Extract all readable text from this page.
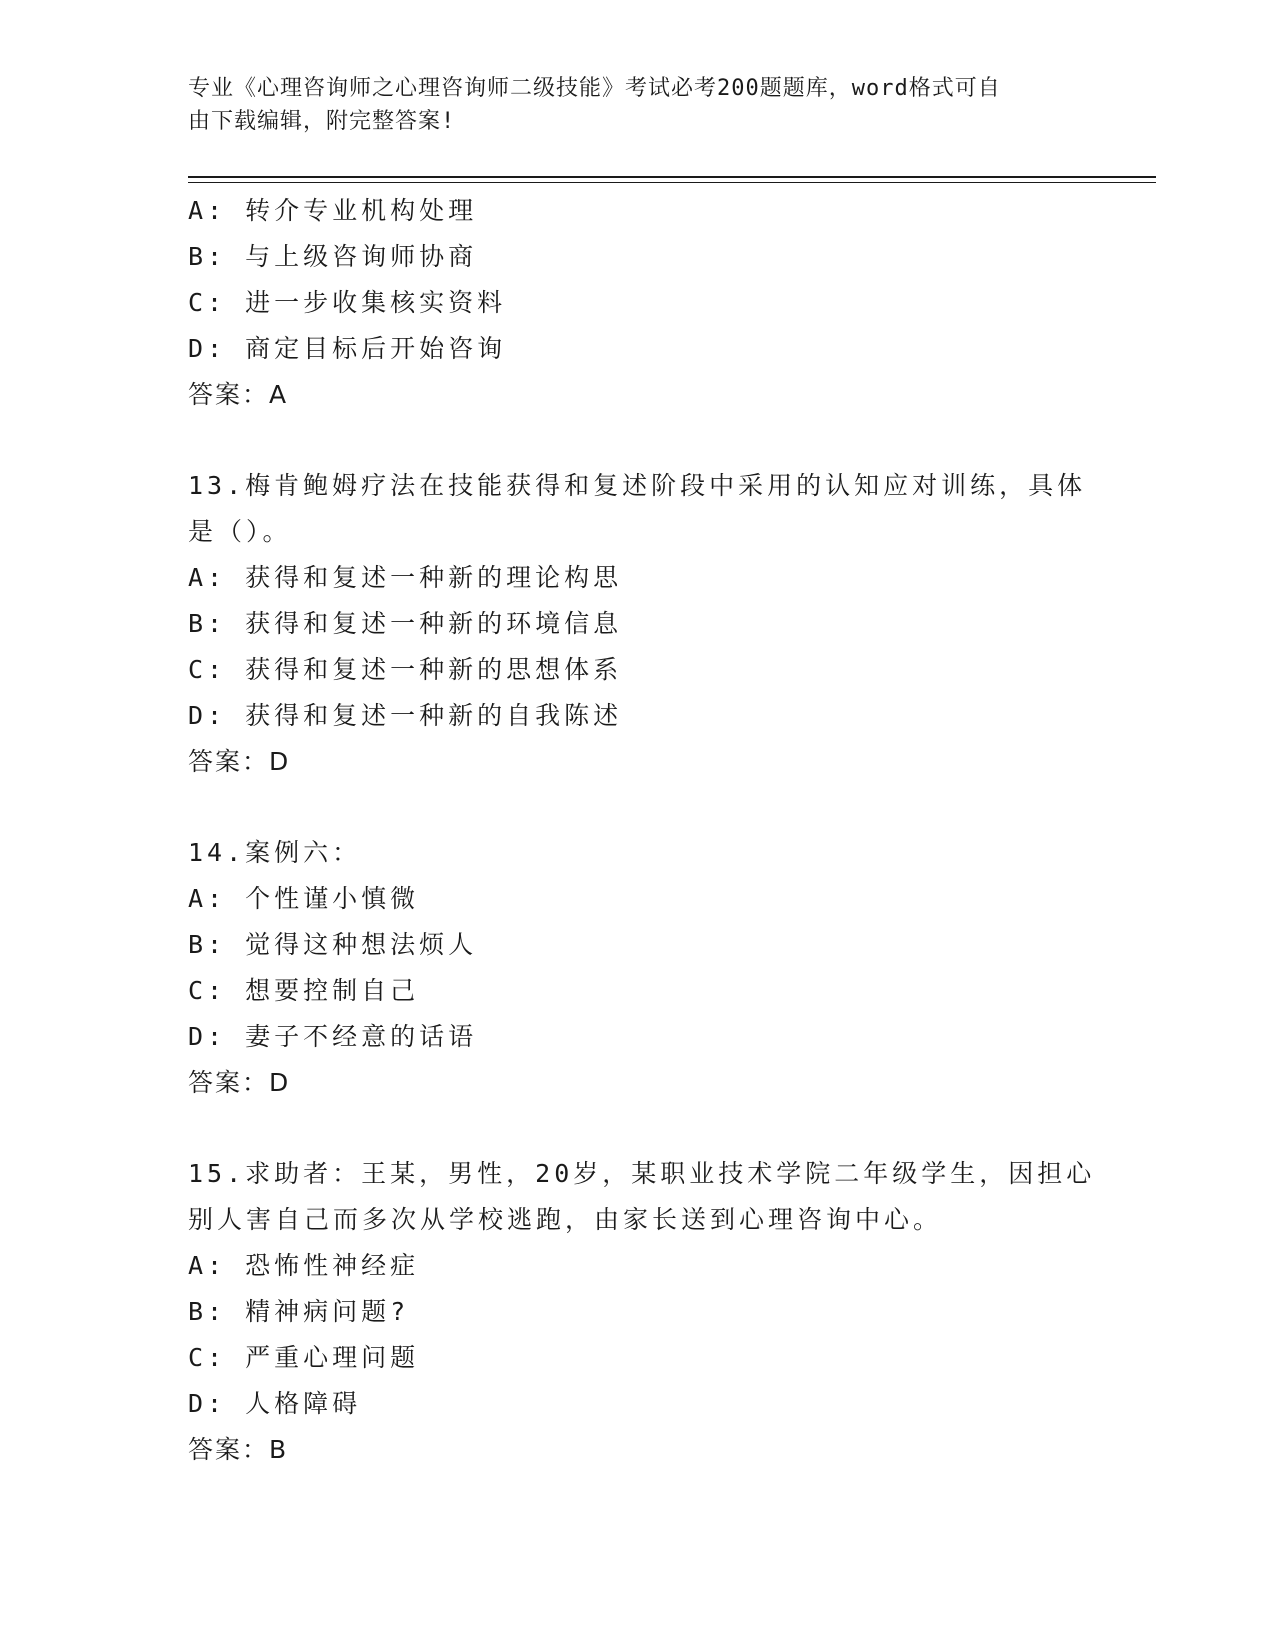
专业《心理咨询师之心理咨询师二级技能》考试必考200题题库，word格式可自
由下载编辑，附完整答案!
A: 转介专业机构处理
B: 与上级咨询师协商
C: 进一步收集核实资料
D: 商定目标后开始咨询
答案：A
13.梅肯鲍姆疗法在技能获得和复述阶段中采用的认知应对训练，具体
是（）。
A: 获得和复述一种新的理论构思
B: 获得和复述一种新的环境信息
C: 获得和复述一种新的思想体系
D: 获得和复述一种新的自我陈述
答案：D
14.案例六：
A: 个性谨小慎微
B: 觉得这种想法烦人
C: 想要控制自己
D: 妻子不经意的话语
答案：D
15.求助者：王某，男性，20岁，某职业技术学院二年级学生，因担心
别人害自己而多次从学校逃跑，由家长送到心理咨询中心。
A: 恐怖性神经症
B: 精神病问题?
C: 严重心理问题
D: 人格障碍
答案：B
